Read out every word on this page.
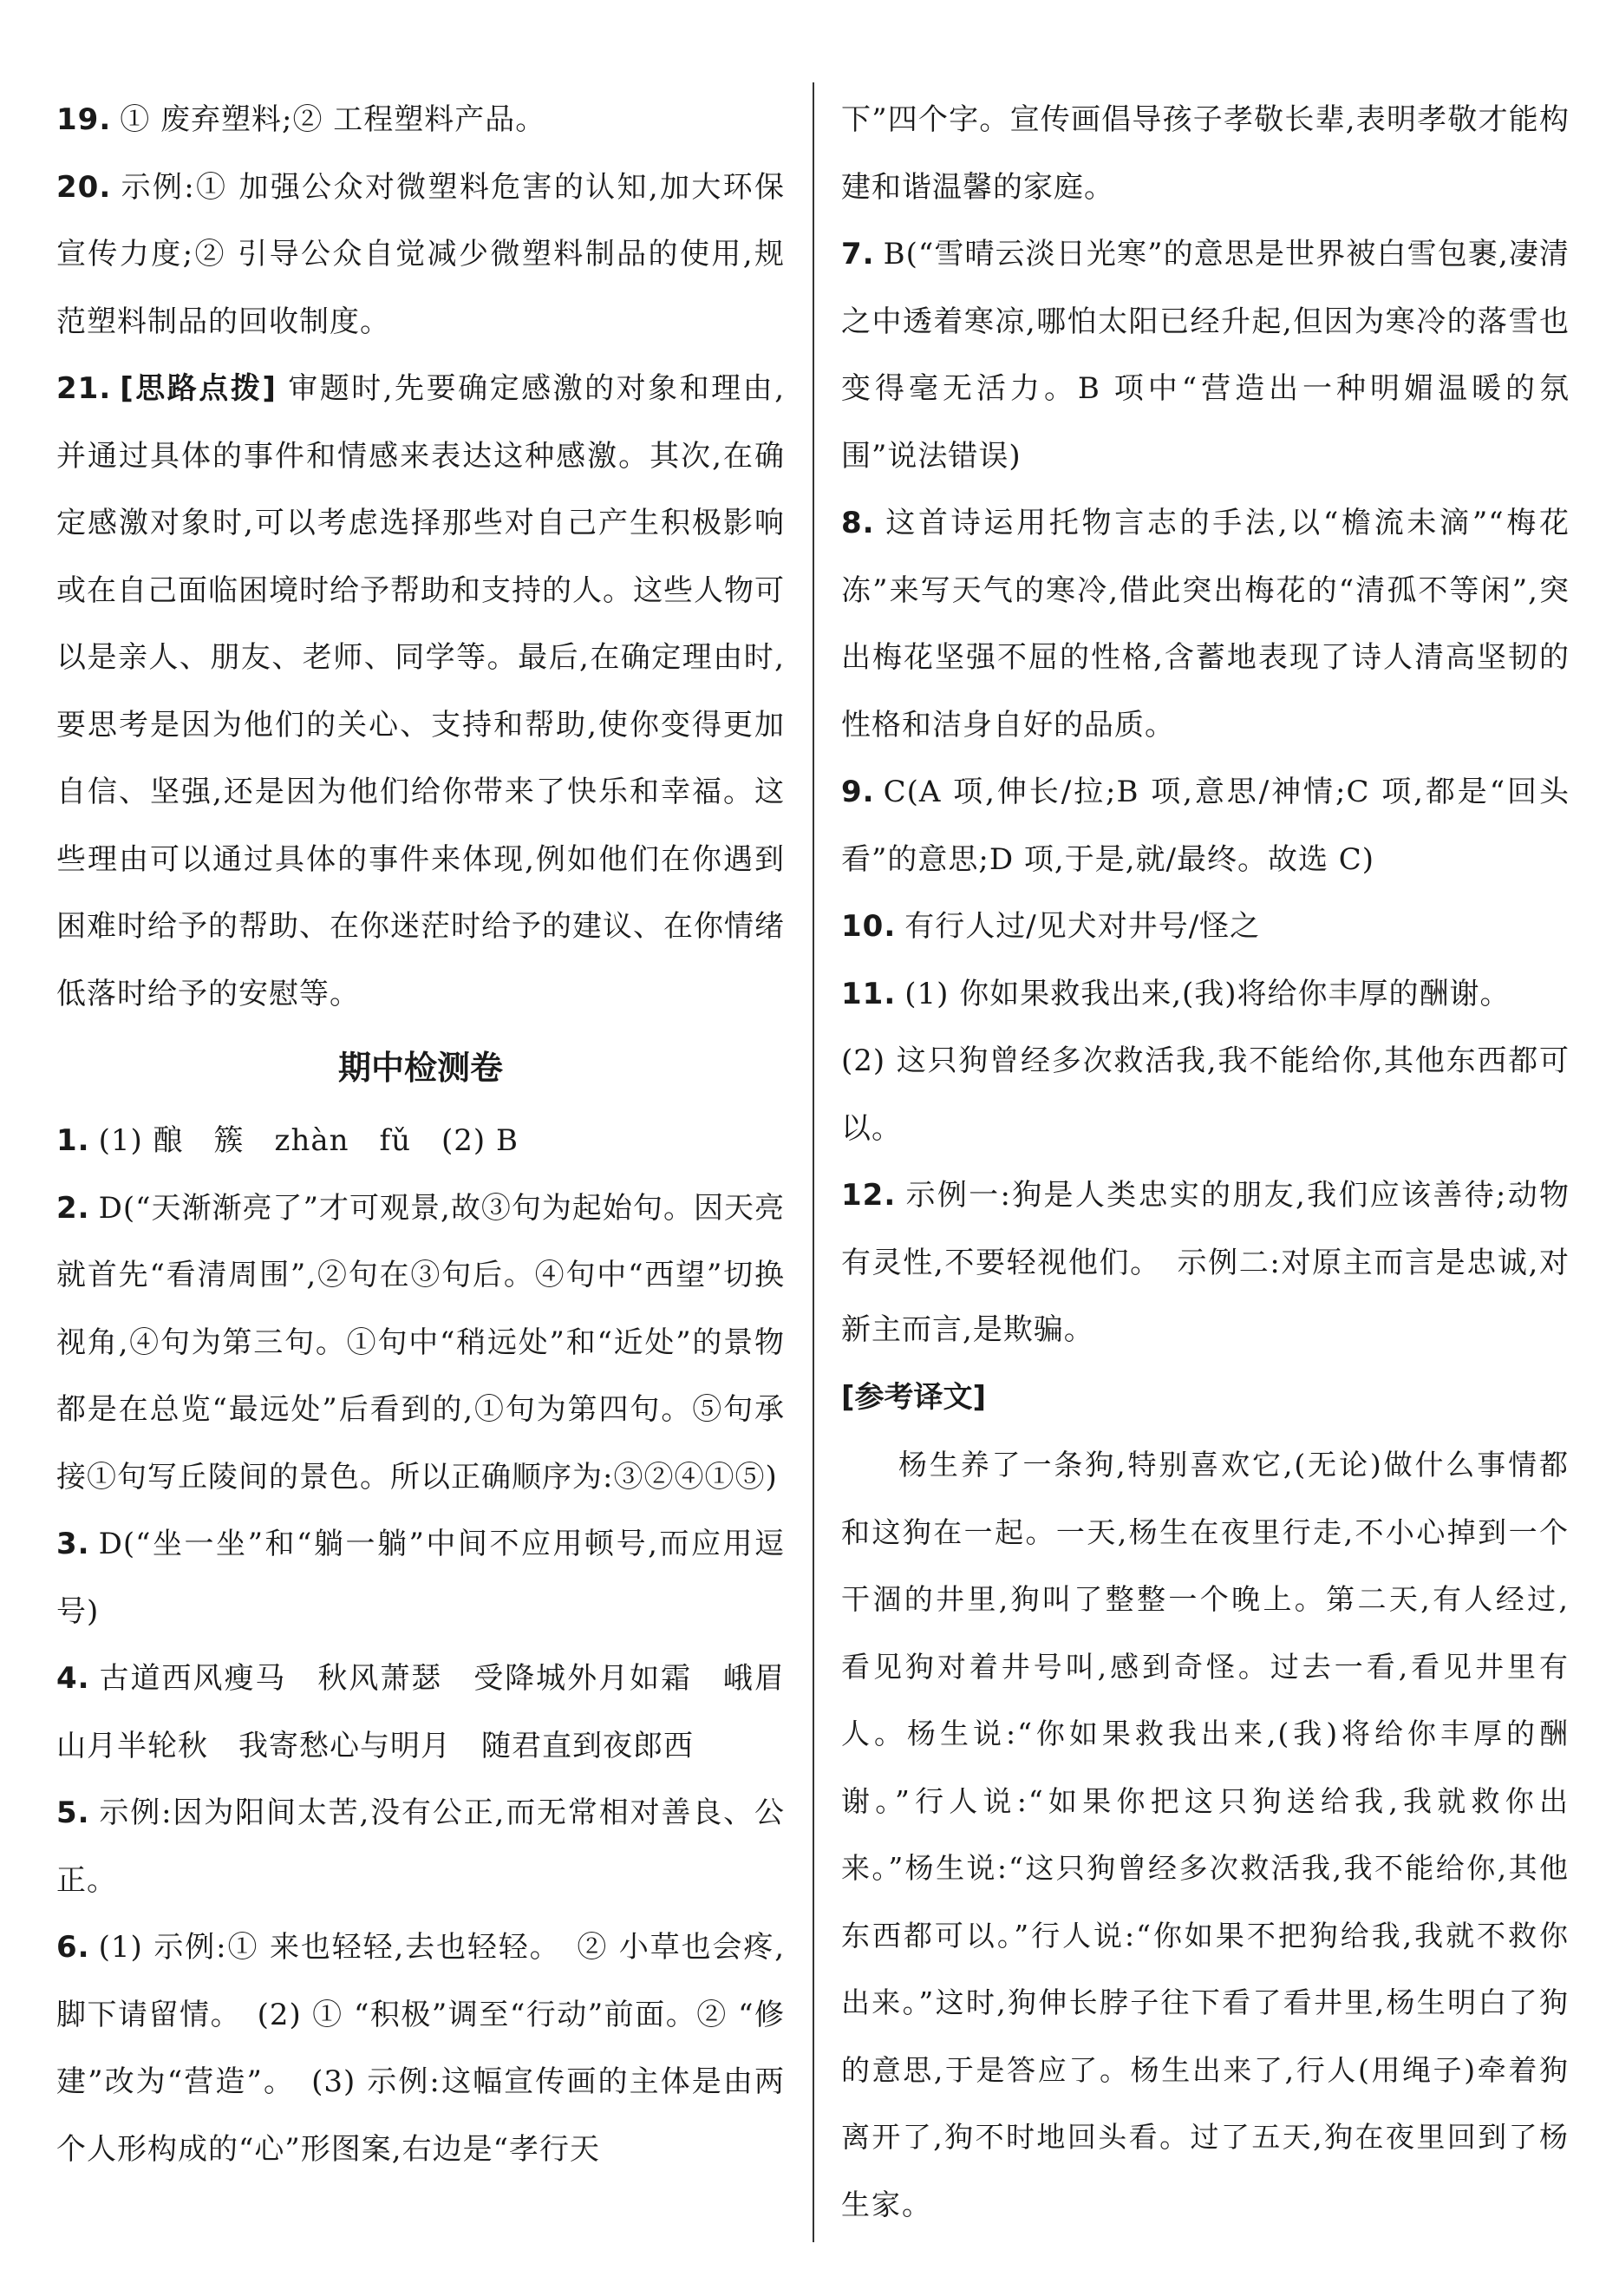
19. ① 废弃塑料;② 工程塑料产品。

20. 示例:① 加强公众对微塑料危害的认知,加大环保宣传力度;② 引导公众自觉减少微塑料制品的使用,规范塑料制品的回收制度。

21. [思路点拨] 审题时,先要确定感激的对象和理由,并通过具体的事件和情感来表达这种感激。其次,在确定感激对象时,可以考虑选择那些对自己产生积极影响或在自己面临困境时给予帮助和支持的人。这些人物可以是亲人、朋友、老师、同学等。最后,在确定理由时,要思考是因为他们的关心、支持和帮助,使你变得更加自信、坚强,还是因为他们给你带来了快乐和幸福。这些理由可以通过具体的事件来体现,例如他们在你遇到困难时给予的帮助、在你迷茫时给予的建议、在你情绪低落时给予的安慰等。

期中检测卷

1. (1) 酿　簇　zhàn　fǔ　(2) B

2. D(“天渐渐亮了”才可观景,故③句为起始句。因天亮就首先“看清周围”,②句在③句后。④句中“西望”切换视角,④句为第三句。①句中“稍远处”和“近处”的景物都是在总览“最远处”后看到的,①句为第四句。⑤句承接①句写丘陵间的景色。所以正确顺序为:③②④①⑤)

3. D(“坐一坐”和“躺一躺”中间不应用顿号,而应用逗号)

4. 古道西风瘦马　秋风萧瑟　受降城外月如霜　峨眉山月半轮秋　我寄愁心与明月　随君直到夜郎西

5. 示例:因为阳间太苦,没有公正,而无常相对善良、公正。

6. (1) 示例:① 来也轻轻,去也轻轻。　② 小草也会疼,脚下请留情。　(2) ① “积极”调至“行动”前面。② “修建”改为“营造”。　(3) 示例:这幅宣传画的主体是由两个人形构成的“心”形图案,右边是“孝行天

下”四个字。宣传画倡导孩子孝敬长辈,表明孝敬才能构建和谐温馨的家庭。

7. B(“雪晴云淡日光寒”的意思是世界被白雪包裹,凄清之中透着寒凉,哪怕太阳已经升起,但因为寒冷的落雪也变得毫无活力。B 项中“营造出一种明媚温暖的氛围”说法错误)

8. 这首诗运用托物言志的手法,以“檐流未滴”“梅花冻”来写天气的寒冷,借此突出梅花的“清孤不等闲”,突出梅花坚强不屈的性格,含蓄地表现了诗人清高坚韧的性格和洁身自好的品质。

9. C(A 项,伸长/拉;B 项,意思/神情;C 项,都是“回头看”的意思;D 项,于是,就/最终。故选 C)

10. 有行人过/见犬对井号/怪之

11. (1) 你如果救我出来,(我)将给你丰厚的酬谢。

(2) 这只狗曾经多次救活我,我不能给你,其他东西都可以。

12. 示例一:狗是人类忠实的朋友,我们应该善待;动物有灵性,不要轻视他们。　示例二:对原主而言是忠诚,对新主而言,是欺骗。

[参考译文]

杨生养了一条狗,特别喜欢它,(无论)做什么事情都和这狗在一起。一天,杨生在夜里行走,不小心掉到一个干涸的井里,狗叫了整整一个晚上。第二天,有人经过,看见狗对着井号叫,感到奇怪。过去一看,看见井里有人。杨生说:“你如果救我出来,(我)将给你丰厚的酬谢。”行人说:“如果你把这只狗送给我,我就救你出来。”杨生说:“这只狗曾经多次救活我,我不能给你,其他东西都可以。”行人说:“你如果不把狗给我,我就不救你出来。”这时,狗伸长脖子往下看了看井里,杨生明白了狗的意思,于是答应了。杨生出来了,行人(用绳子)牵着狗离开了,狗不时地回头看。过了五天,狗在夜里回到了杨生家。
